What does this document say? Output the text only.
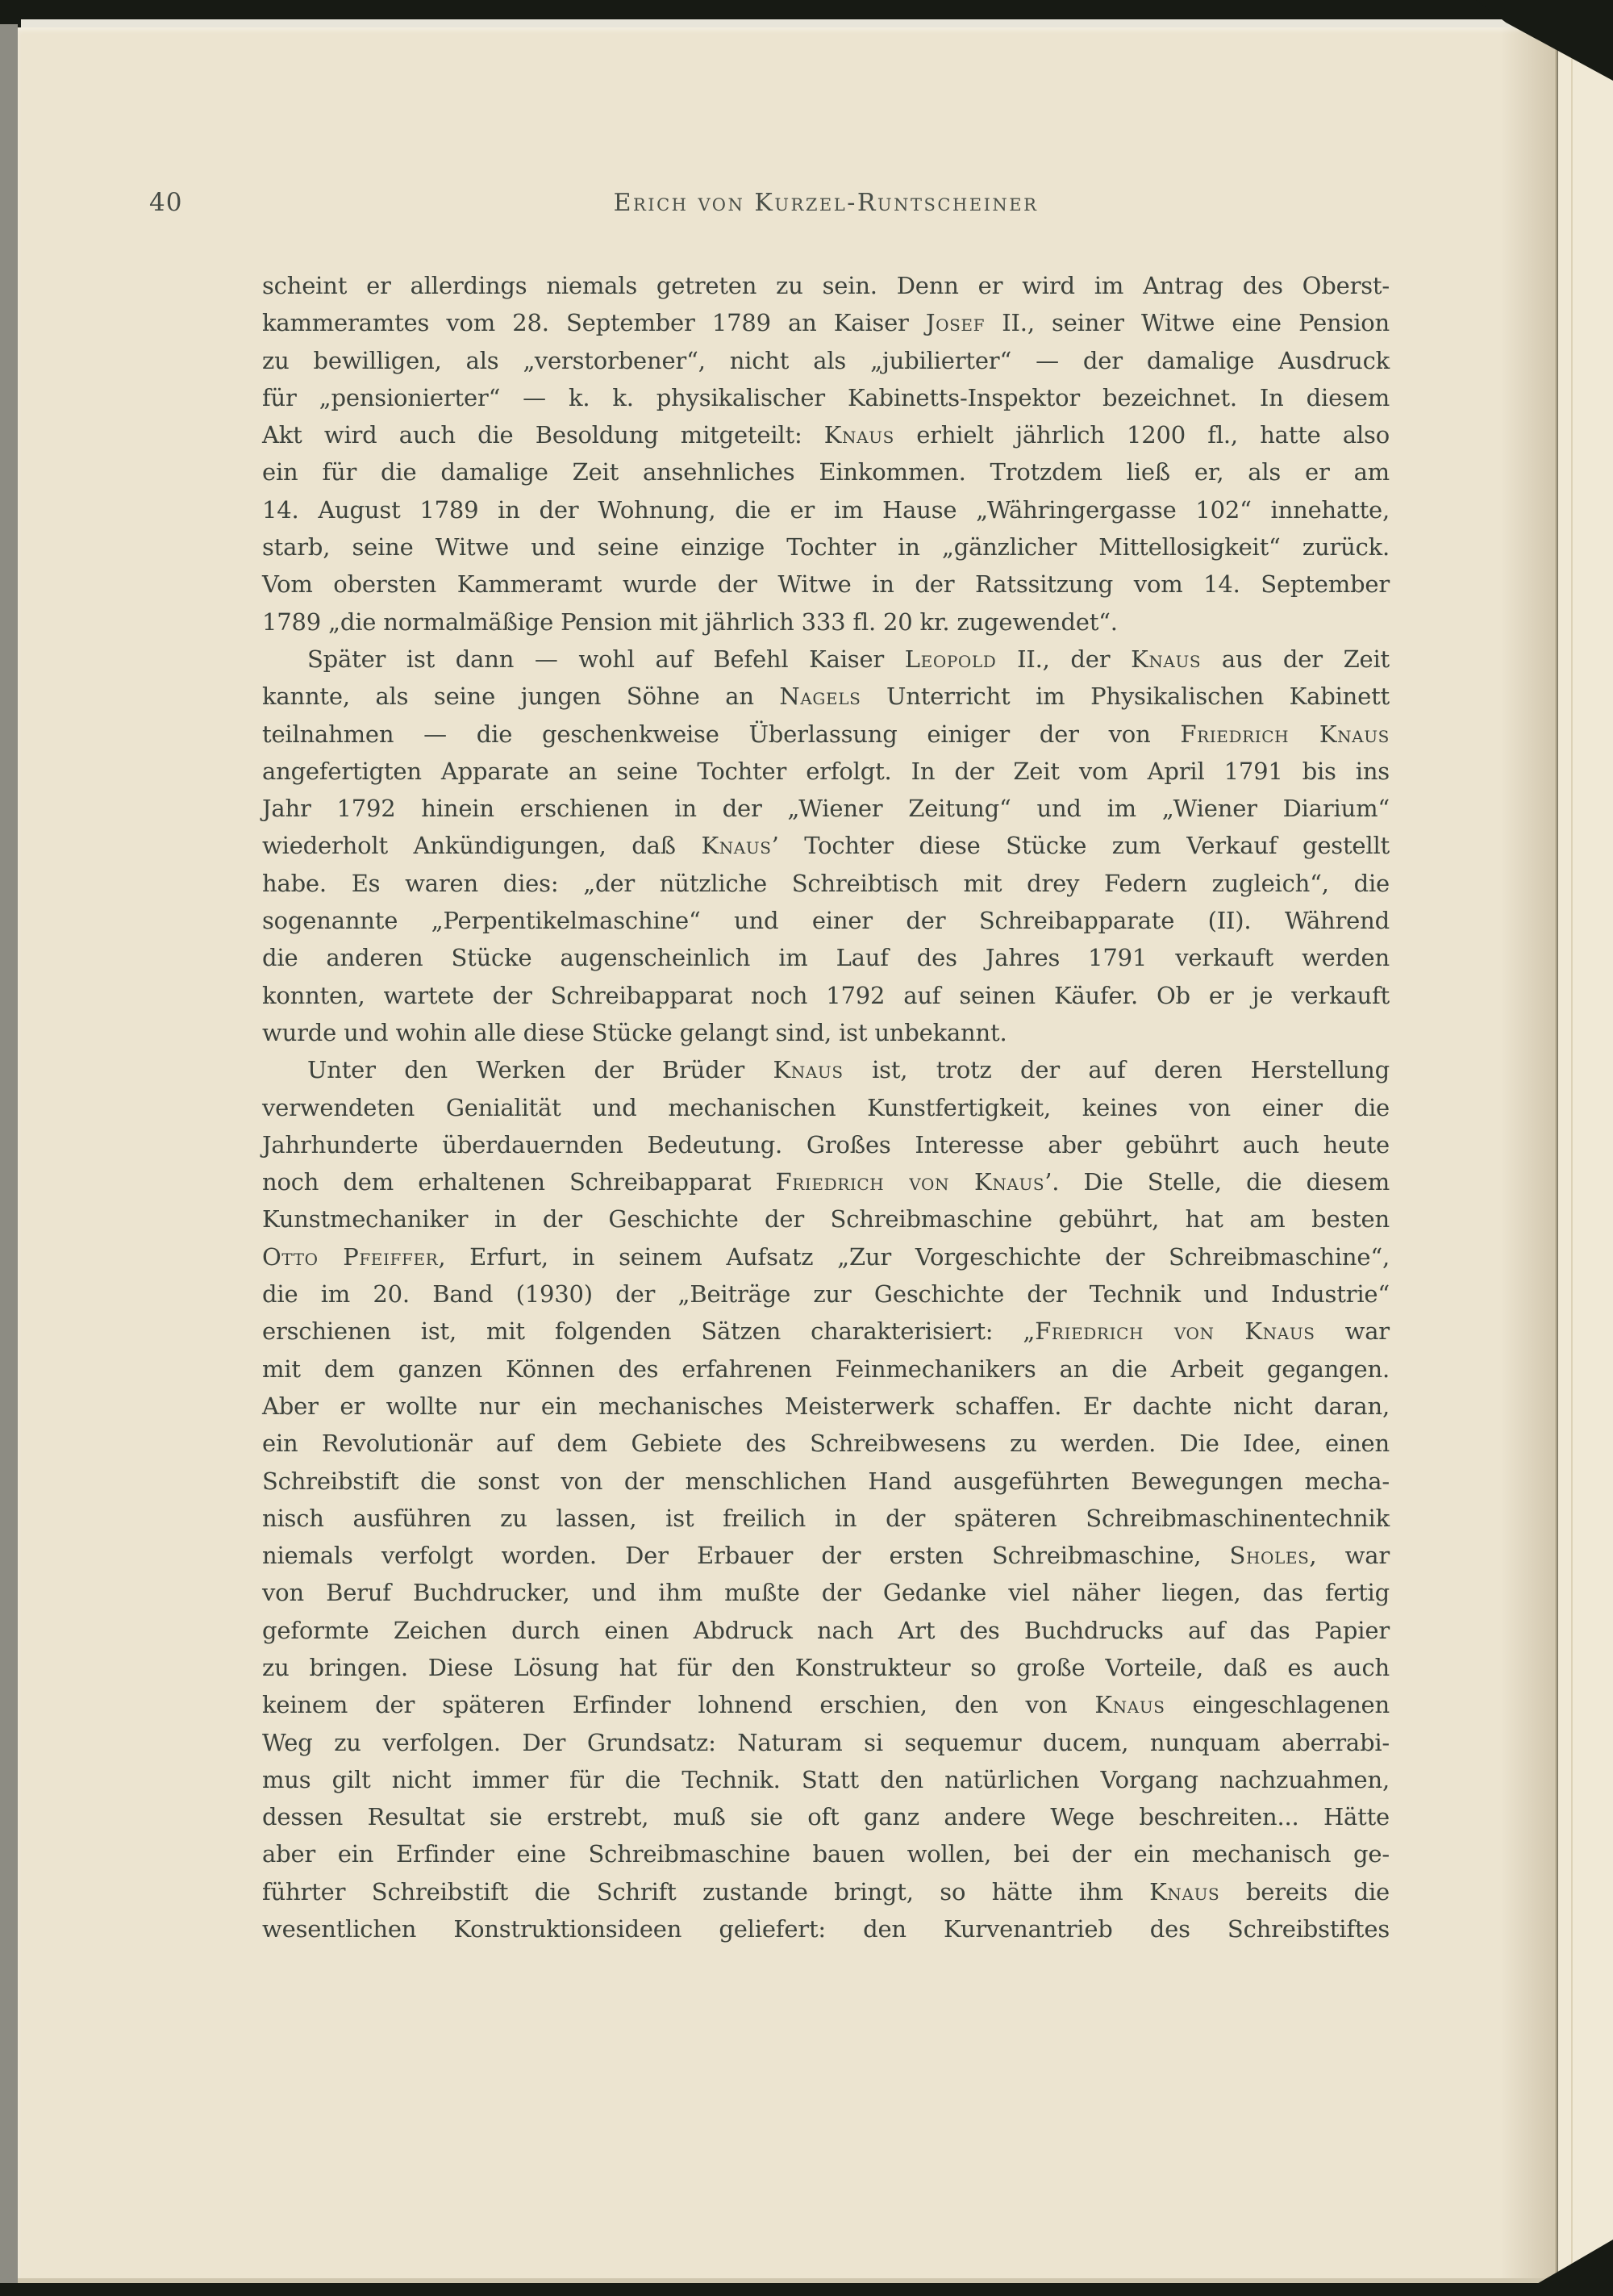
40	Erich von Kurzel-Runtscheiner
scheint er allerdings niemals getreten zu sein. Denn er wird im Antrag des Oberst-
kammeramtes vom 28. September 1789 an Kaiser Josef II., seiner Witwe eine Pension
zu bewilligen, als „verstorbener“, nicht als „jubilierter“ — der damalige Ausdruck
für „pensionierter“ — k. k. physikalischer Kabinetts-Inspektor bezeichnet. In diesem
Akt wird auch die Besoldung mitgeteilt: Knaus erhielt jährlich 1200 fl., hatte also
ein für die damalige Zeit ansehnliches Einkommen. Trotzdem ließ er, als er am
14. August 1789 in der Wohnung, die er im Hause „Währingergasse 102“ innehatte,
starb, seine Witwe und seine einzige Tochter in „gänzlicher Mittellosigkeit“ zurück.
Vom obersten Kammeramt wurde der Witwe in der Ratssitzung vom 14. September
1789 „die normalmäßige Pension mit jährlich 333 fl. 20 kr. zugewendet“.
Später ist dann — wohl auf Befehl Kaiser Leopold II., der Knaus aus der Zeit
kannte, als seine jungen Söhne an Nagels Unterricht im Physikalischen Kabinett
teilnahmen — die geschenkweise Überlassung einiger der von Friedrich Knaus
angefertigten Apparate an seine Tochter erfolgt. In der Zeit vom April 1791 bis ins
Jahr 1792 hinein erschienen in der „Wiener Zeitung“ und im „Wiener Diarium“
wiederholt Ankündigungen, daß Knaus’ Tochter diese Stücke zum Verkauf gestellt
habe. Es waren dies: „der nützliche Schreibtisch mit drey Federn zugleich“, die
sogenannte „Perpentikelmaschine“ und einer der Schreibapparate (II). Während
die anderen Stücke augenscheinlich im Lauf des Jahres 1791 verkauft werden
konnten, wartete der Schreibapparat noch 1792 auf seinen Käufer. Ob er je verkauft
wurde und wohin alle diese Stücke gelangt sind, ist unbekannt.
Unter den Werken der Brüder Knaus ist, trotz der auf deren Herstellung
verwendeten Genialität und mechanischen Kunstfertigkeit, keines von einer die
Jahrhunderte überdauernden Bedeutung. Großes Interesse aber gebührt auch heute
noch dem erhaltenen Schreibapparat Friedrich von Knaus’. Die Stelle, die diesem
Kunstmechaniker in der Geschichte der Schreibmaschine gebührt, hat am besten
Otto Pfeiffer, Erfurt, in seinem Aufsatz „Zur Vorgeschichte der Schreibmaschine“,
die im 20. Band (1930) der „Beiträge zur Geschichte der Technik und Industrie“
erschienen ist, mit folgenden Sätzen charakterisiert: „Friedrich von Knaus war
mit dem ganzen Können des erfahrenen Feinmechanikers an die Arbeit gegangen.
Aber er wollte nur ein mechanisches Meisterwerk schaffen. Er dachte nicht daran,
ein Revolutionär auf dem Gebiete des Schreibwesens zu werden. Die Idee, einen
Schreibstift die sonst von der menschlichen Hand ausgeführten Bewegungen mecha-
nisch ausführen zu lassen, ist freilich in der späteren Schreibmaschinentechnik
niemals verfolgt worden. Der Erbauer der ersten Schreibmaschine, Sholes, war
von Beruf Buchdrucker, und ihm mußte der Gedanke viel näher liegen, das fertig
geformte Zeichen durch einen Abdruck nach Art des Buchdrucks auf das Papier
zu bringen. Diese Lösung hat für den Konstrukteur so große Vorteile, daß es auch
keinem der späteren Erfinder lohnend erschien, den von Knaus eingeschlagenen
Weg zu verfolgen. Der Grundsatz: Naturam si sequemur ducem, nunquam aberrabi-
mus gilt nicht immer für die Technik. Statt den natürlichen Vorgang nachzuahmen,
dessen Resultat sie erstrebt, muß sie oft ganz andere Wege beschreiten... Hätte
aber ein Erfinder eine Schreibmaschine bauen wollen, bei der ein mechanisch ge-
führter Schreibstift die Schrift zustande bringt, so hätte ihm Knaus bereits die
wesentlichen Konstruktionsideen geliefert: den Kurvenantrieb des Schreibstiftes
